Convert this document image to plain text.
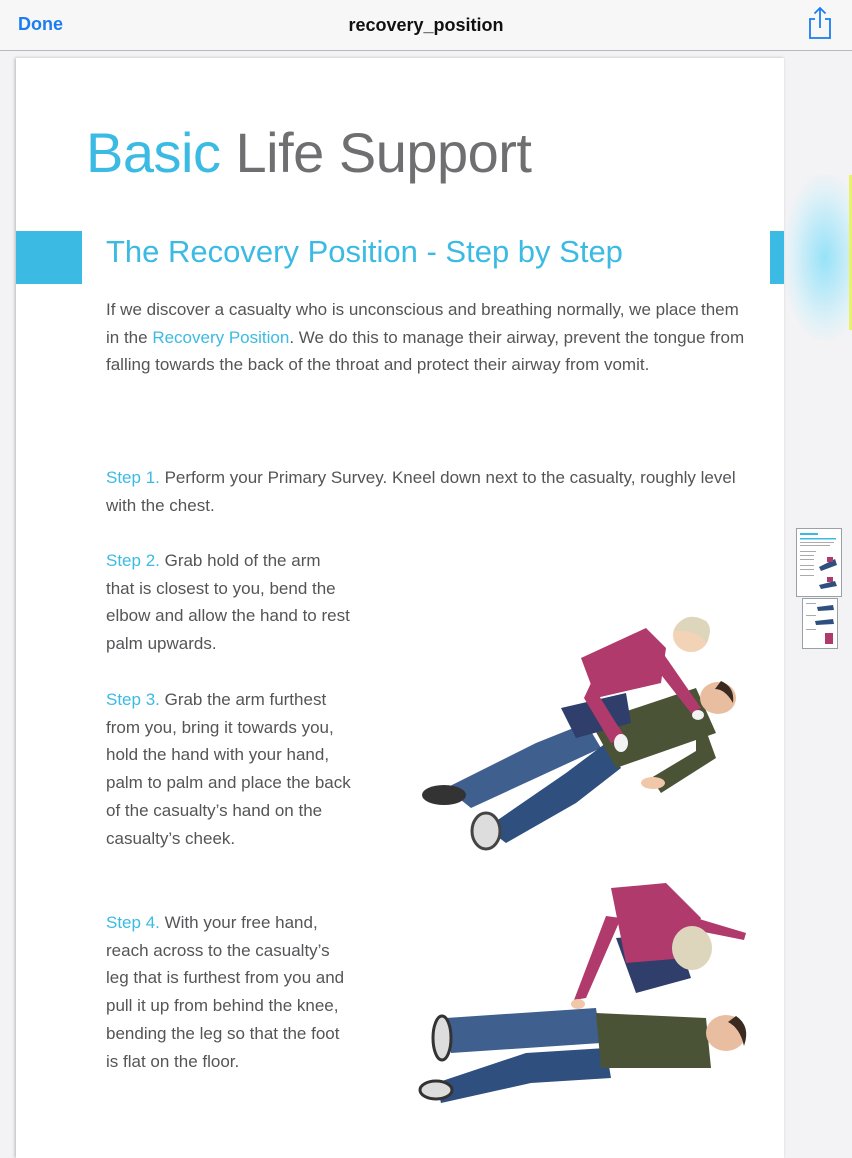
Done	recovery_position
Basic Life Support
The Recovery Position - Step by Step
If we discover a casualty who is unconscious and breathing normally, we place them in the Recovery Position. We do this to manage their airway, prevent the tongue from falling towards the back of the throat and protect their airway from vomit.
Step 1. Perform your Primary Survey. Kneel down next to the casualty, roughly level with the chest.
Step 2. Grab hold of the arm that is closest to you, bend the elbow and allow the hand to rest palm upwards.
Step 3. Grab the arm furthest from you, bring it towards you, hold the hand with your hand, palm to palm and place the back of the casualty’s hand on the casualty’s cheek.
Step 4. With your free hand, reach across to the casualty’s leg that is furthest from you and pull it up from behind the knee, bending the leg so that the foot is flat on the floor.
